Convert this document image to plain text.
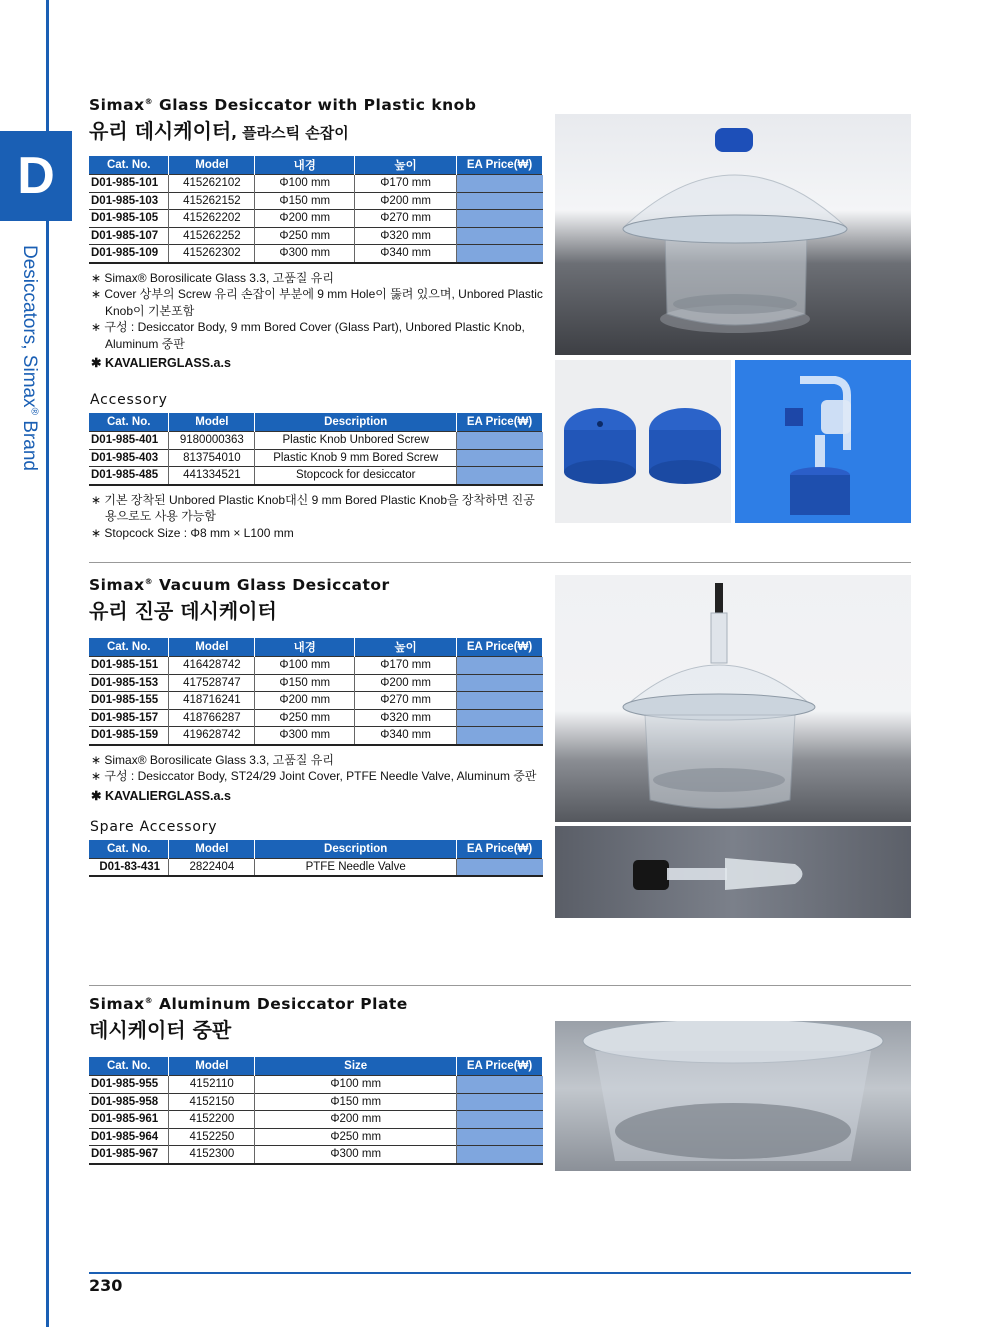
D
Desiccators, Simax® Brand
Simax® Glass Desiccator with Plastic knob
유리 데시케이터, 플라스틱 손잡이
Cat. No.	Model	내경	높이	EA Price(₩)
D01-985-101	415262102	Φ100 mm	Φ170 mm	
D01-985-103	415262152	Φ150 mm	Φ200 mm	
D01-985-105	415262202	Φ200 mm	Φ270 mm	
D01-985-107	415262252	Φ250 mm	Φ320 mm	
D01-985-109	415262302	Φ300 mm	Φ340 mm	
∗ Simax® Borosilicate Glass 3.3, 고품질 유리
∗ Cover 상부의 Screw 유리 손잡이 부분에 9 mm Hole이 뚫려 있으며, Unbored Plastic Knob이 기본포함
∗ 구성 : Desiccator Body, 9 mm Bored Cover (Glass Part), Unbored Plastic Knob, Aluminum 중판
✱ KAVALIERGLASS.a.s
Accessory
Cat. No.	Model	Description	EA Price(₩)
D01-985-401	9180000363	Plastic Knob Unbored Screw	
D01-985-403	813754010	Plastic Knob 9 mm Bored Screw	
D01-985-485	441334521	Stopcock for desiccator	
∗ 기본 장착된 Unbored Plastic Knob대신 9 mm Bored Plastic Knob을 장착하면 진공용으로도 사용 가능함
∗ Stopcock Size : Φ8 mm × L100 mm
Simax® Vacuum Glass Desiccator
유리 진공 데시케이터
Cat. No.	Model	내경	높이	EA Price(₩)
D01-985-151	416428742	Φ100 mm	Φ170 mm	
D01-985-153	417528747	Φ150 mm	Φ200 mm	
D01-985-155	418716241	Φ200 mm	Φ270 mm	
D01-985-157	418766287	Φ250 mm	Φ320 mm	
D01-985-159	419628742	Φ300 mm	Φ340 mm	
∗ Simax® Borosilicate Glass 3.3, 고품질 유리
∗ 구성 : Desiccator Body, ST24/29 Joint Cover, PTFE Needle Valve, Aluminum 중판
✱ KAVALIERGLASS.a.s
Spare Accessory
Cat. No.	Model	Description	EA Price(₩)
D01-83-431	2822404	PTFE Needle Valve	
Simax® Aluminum Desiccator Plate
데시케이터 중판
Cat. No.	Model	Size	EA Price(₩)
D01-985-955	4152110	Φ100 mm	
D01-985-958	4152150	Φ150 mm	
D01-985-961	4152200	Φ200 mm	
D01-985-964	4152250	Φ250 mm	
D01-985-967	4152300	Φ300 mm	
230
